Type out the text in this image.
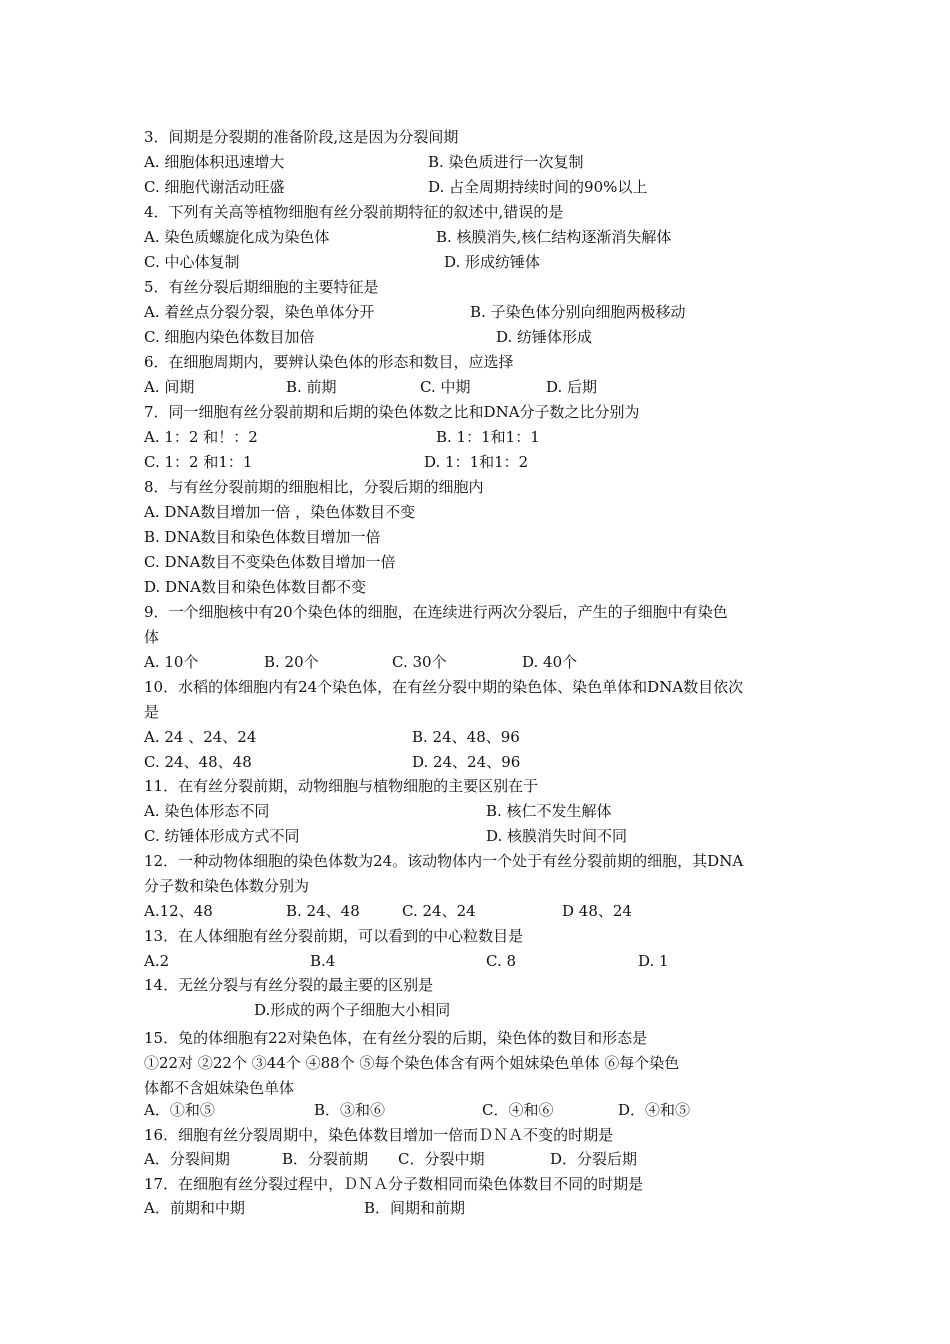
3．间期是分裂期的准备阶段,这是因为分裂间期
A. 细胞体积迅速增大	B. 染色质进行一次复制
C. 细胞代谢活动旺盛	D. 占全周期持续时间的90%以上
4．下列有关高等植物细胞有丝分裂前期特征的叙述中,错误的是
A. 染色质螺旋化成为染色体	B. 核膜消失,核仁结构逐渐消失解体
C. 中心体复制	D. 形成纺锤体
5．有丝分裂后期细胞的主要特征是
A. 着丝点分裂分裂，染色单体分开	B. 子染色体分别向细胞两极移动
C. 细胞内染色体数目加倍	D. 纺锤体形成
6．在细胞周期内，要辨认染色体的形态和数目，应选择
A. 间期	B. 前期	C. 中期	D. 后期
7．同一细胞有丝分裂前期和后期的染色体数之比和DNA分子数之比分别为
A. 1：2 和！：2	B. 1：1和1：1
C. 1：2 和1：1	D. 1：1和1：2
8．与有丝分裂前期的细胞相比，分裂后期的细胞内
A. DNA数目增加一倍 ，染色体数目不变
B. DNA数目和染色体数目增加一倍
C. DNA数目不变染色体数目增加一倍
D. DNA数目和染色体数目都不变
9．一个细胞核中有20个染色体的细胞，在连续进行两次分裂后，产生的子细胞中有染色
体
A. 10个	B. 20个	C. 30个	D. 40个
10．水稻的体细胞内有24个染色体，在有丝分裂中期的染色体、染色单体和DNA数目依次
是
A. 24 、24、24	B. 24、48、96
C. 24、48、48	D. 24、24、96
11．在有丝分裂前期，动物细胞与植物细胞的主要区别在于
A. 染色体形态不同	B. 核仁不发生解体
C. 纺锤体形成方式不同	D. 核膜消失时间不同
12．一种动物体细胞的染色体数为24。该动物体内一个处于有丝分裂前期的细胞，其DNA
分子数和染色体数分别为
A.12、48	B. 24、48	C. 24、24	D 48、24
13．在人体细胞有丝分裂前期，可以看到的中心粒数目是
A.2	B.4	C. 8	D. 1
14．无丝分裂与有丝分裂的最主要的区别是
D.形成的两个子细胞大小相同
15．兔的体细胞有22对染色体，在有丝分裂的后期，染色体的数目和形态是
①22对 ②22个 ③44个 ④88个 ⑤每个染色体含有两个姐妹染色单体 ⑥每个染色
体都不含姐妹染色单体
A．①和⑤	B．③和⑥	C．④和⑥	D．④和⑤
16．细胞有丝分裂周期中，染色体数目增加一倍而ＤＮＡ不变的时期是
A．分裂间期	B．分裂前期 C．分裂中期	D．分裂后期
17．在细胞有丝分裂过程中，ＤＮＡ分子数相同而染色体数目不同的时期是
A．前期和中期	B．间期和前期
